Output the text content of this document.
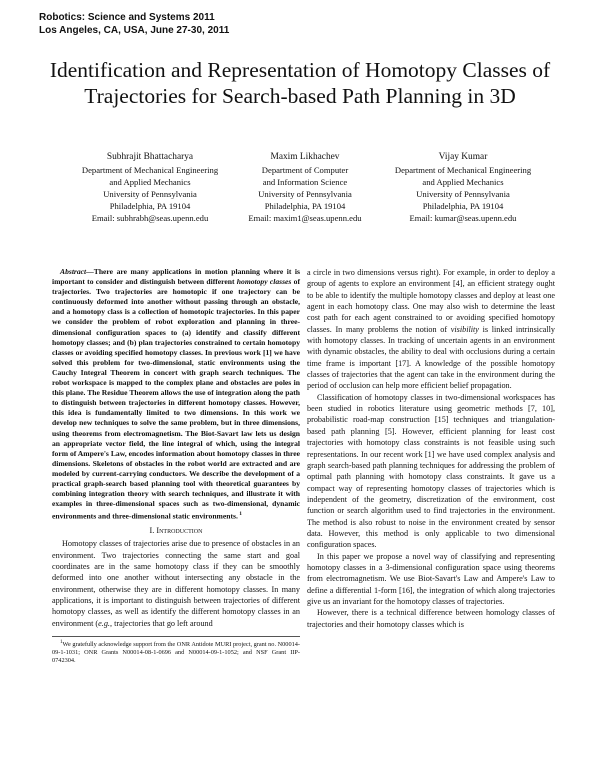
Robotics: Science and Systems 2011
Los Angeles, CA, USA, June 27-30, 2011
Identification and Representation of Homotopy Classes of Trajectories for Search-based Path Planning in 3D
Subhrajit Bhattacharya
Department of Mechanical Engineering
and Applied Mechanics
University of Pennsylvania
Philadelphia, PA 19104
Email: subhrabh@seas.upenn.edu
Maxim Likhachev
Department of Computer
and Information Science
University of Pennsylvania
Philadelphia, PA 19104
Email: maxim1@seas.upenn.edu
Vijay Kumar
Department of Mechanical Engineering
and Applied Mechanics
University of Pennsylvania
Philadelphia, PA 19104
Email: kumar@seas.upenn.edu

Abstract—There are many applications in motion planning where it is important to consider and distinguish between different homotopy classes of trajectories. Two trajectories are homotopic if one trajectory can be continuously deformed into another without passing through an obstacle, and a homotopy class is a collection of homotopic trajectories. In this paper we consider the problem of robot exploration and planning in three-dimensional configuration spaces to (a) identify and classify different homotopy classes; and (b) plan trajectories constrained to certain homotopy classes or avoiding specified homotopy classes. In previous work [1] we have solved this problem for two-dimensional, static environments using the Cauchy Integral Theorem in concert with graph search techniques. The robot workspace is mapped to the complex plane and obstacles are poles in this plane. The Residue Theorem allows the use of integration along the path to distinguish between trajectories in different homotopy classes. However, this idea is fundamentally limited to two dimensions. In this work we develop new techniques to solve the same problem, but in three dimensions, using theorems from electromagnetism. The Biot-Savart law lets us design an appropriate vector field, the line integral of which, using the integral form of Ampere's Law, encodes information about homotopy classes in three dimensions. Skeletons of obstacles in the robot world are extracted and are modeled by current-carrying conductors. We describe the development of a practical graph-search based planning tool with theoretical guarantees by combining integration theory with search techniques, and illustrate it with examples in three-dimensional spaces such as two-dimensional, dynamic environments and three-dimensional static environments. $^1$

I. Introduction

Homotopy classes of trajectories arise due to presence of obstacles in an environment. Two trajectories connecting the same start and goal coordinates are in the same homotopy class if they can be smoothly deformed into one another without intersecting any obstacle in the environment, otherwise they are in different homotopy classes. In many applications, it is important to distinguish between trajectories of different homotopy classes, as well as identify the different homotopy classes in an environment (e.g., trajectories that go left around

$^1$We gratefully acknowledge support from the ONR Antidote MURI project, grant no. N00014-09-1-1031; ONR Grants N00014-08-1-0696 and N00014-09-1-1052; and NSF Grant IIP-0742304.

a circle in two dimensions versus right). For example, in order to deploy a group of agents to explore an environment [4], an efficient strategy ought to be able to identify the multiple homotopy classes and deploy at least one agent in each homotopy class. One may also wish to determine the least cost path for each agent constrained to or avoiding specified homotopy classes. In many problems the notion of visibility is linked intrinsically with homotopy classes. In tracking of uncertain agents in an environment with dynamic obstacles, the ability to deal with occlusions during a certain time frame is important [17]. A knowledge of the possible homotopy classes of trajectories that the agent can take in the environment during the period of occlusion can help more efficient belief propagation.

Classification of homotopy classes in two-dimensional workspaces has been studied in robotics literature using geometric methods [7, 10], probabilistic road-map construction [15] techniques and triangulation-based path planning [5]. However, efficient planning for least cost trajectories with homotopy class constraints is not feasible using such representations. In our recent work [1] we have used complex analysis and graph search-based path planning techniques for addressing the problem of optimal path planning with homotopy class constraints. It gave us a compact way of representing homotopy classes of trajectories which is independent of the geometry, discretization of the environment, cost function or search algorithm used to find trajectories in the environment. The method is also robust to noise in the environment created by sensor data. However, this method is only applicable to two dimensional configuration spaces.

In this paper we propose a novel way of classifying and representing homotopy classes in a 3-dimensional configuration space using theorems from electromagnetism. We use Biot-Savart's Law and Ampere's Law to define a differential 1-form [16], the integration of which along trajectories give us an invariant for the homotopy classes of trajectories.

However, there is a technical difference between homology classes of trajectories and their homotopy classes which is
